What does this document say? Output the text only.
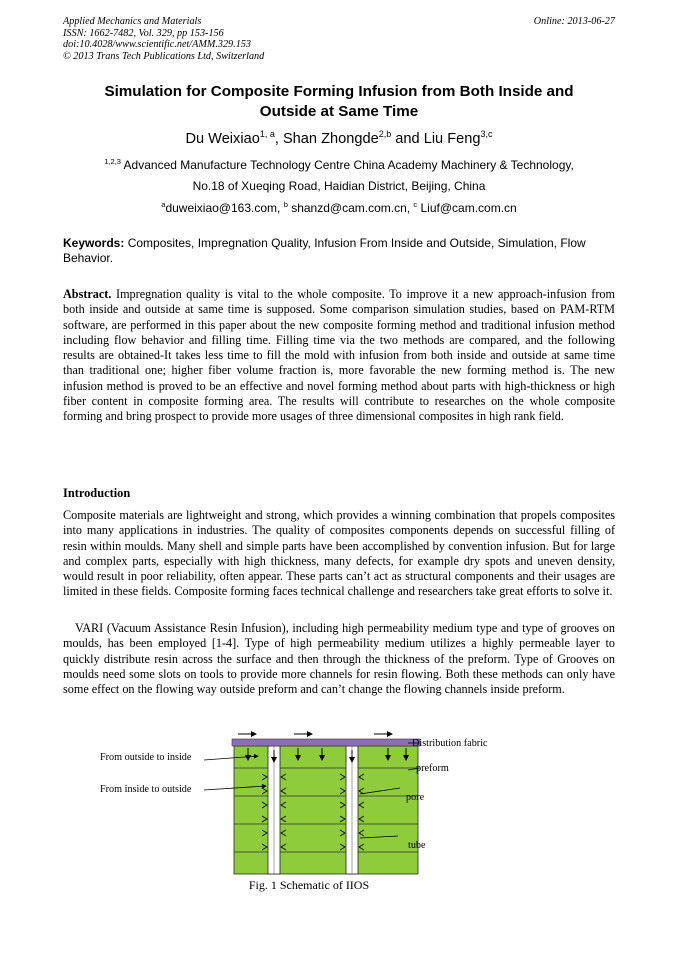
Applied Mechanics and Materials
ISSN: 1662-7482, Vol. 329, pp 153-156
doi:10.4028/www.scientific.net/AMM.329.153
© 2013 Trans Tech Publications Ltd, Switzerland
Online: 2013-06-27
Simulation for Composite Forming Infusion from Both Inside and
Outside at Same Time
Du Weixiao$^{1, a}$, Shan Zhongde$^{2,b}$ and Liu Feng$^{3,c}$
$^{1,2,3}$ Advanced Manufacture Technology Centre China Academy Machinery & Technology,
No.18 of Xueqing Road, Haidian District, Beijing, China
$^a$duweixiao@163.com, $^b$ shanzd@cam.com.cn, $^c$ Liuf@cam.com.cn
Keywords: Composites, Impregnation Quality, Infusion From Inside and Outside, Simulation, Flow Behavior.
Abstract. Impregnation quality is vital to the whole composite. To improve it a new approach-infusion from both inside and outside at same time is supposed. Some comparison simulation studies, based on PAM-RTM software, are performed in this paper about the new composite forming method and traditional infusion method including flow behavior and filling time. Filling time via the two methods are compared, and the following results are obtained-It takes less time to fill the mold with infusion from both inside and outside at same time than traditional one; higher fiber volume fraction is, more favorable the new forming method is. The new infusion method is proved to be an effective and novel forming method about parts with high-thickness or high fiber content in composite forming area. The results will contribute to researches on the whole composite forming and bring prospect to provide more usages of three dimensional composites in high rank field.
Introduction
Composite materials are lightweight and strong, which provides a winning combination that propels composites into many applications in industries. The quality of composites components depends on successful filling of resin within moulds. Many shell and simple parts have been accomplished by convention infusion. But for large and complex parts, especially with high thickness, many defects, for example dry spots and uneven density, would result in poor reliability, often appear. These parts can’t act as structural components and their usages are limited in these fields. Composite forming faces technical challenge and researchers take great efforts to solve it.
VARI (Vacuum Assistance Resin Infusion), including high permeability medium type and type of grooves on moulds, has been employed [1-4]. Type of high permeability medium utilizes a highly permeable layer to quickly distribute resin across the surface and then through the thickness of the preform. Type of Grooves on moulds need some slots on tools to provide more channels for resin flowing. Both these methods can only have some effect on the flowing way outside preform and can’t change the flowing channels inside preform.
From outside to inside
From inside to outside
Distribution fabric
preform
pore
tube
Fig. 1 Schematic of IIOS
